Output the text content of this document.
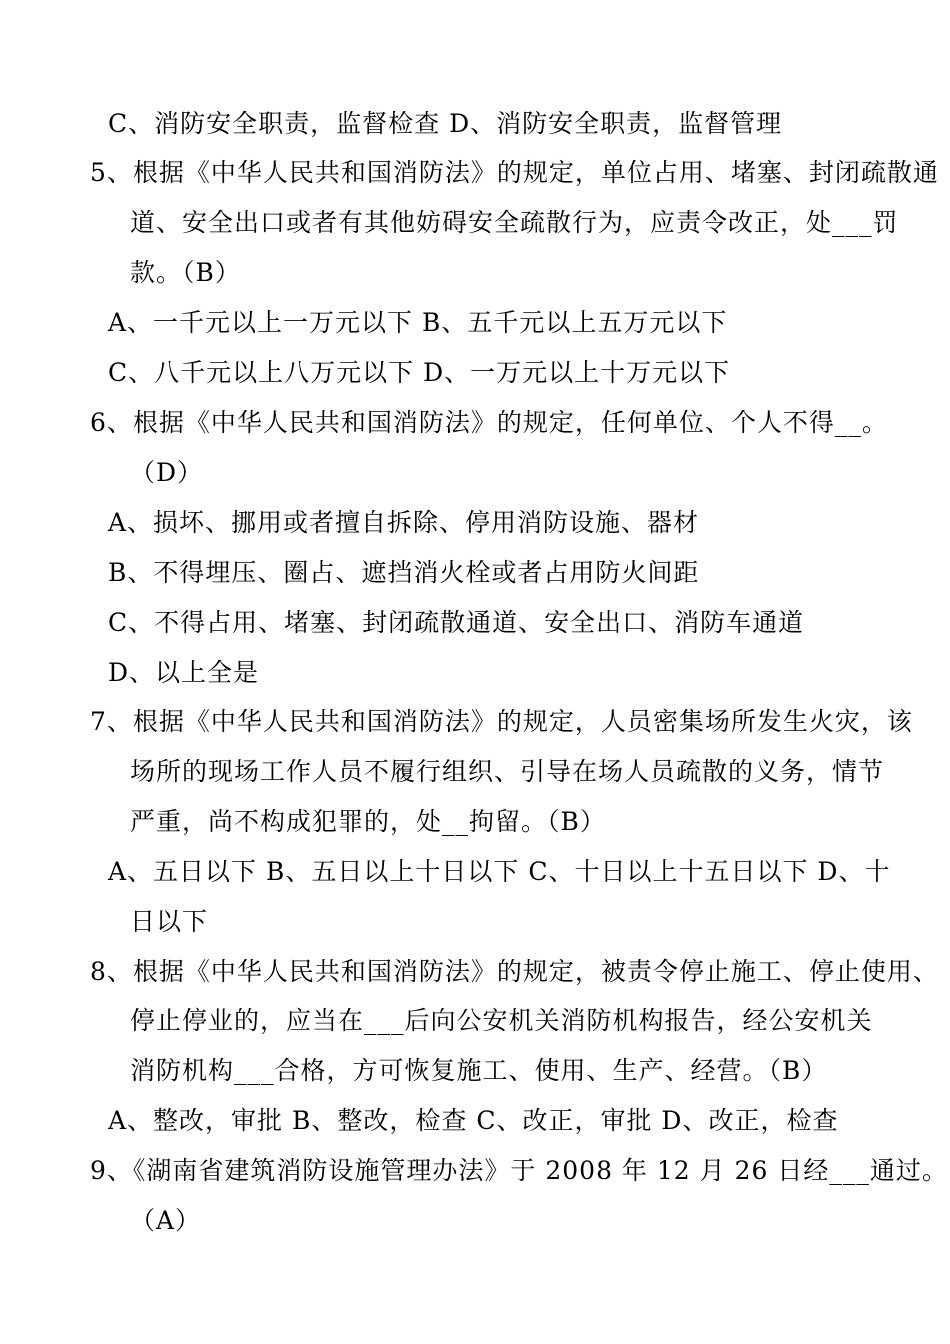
C、消防安全职责，监督检查 D、消防安全职责，监督管理
5、根据《中华人民共和国消防法》的规定，单位占用、堵塞、封闭疏散通
道、安全出口或者有其他妨碍安全疏散行为，应责令改正，处___罚
款。（B）
A、一千元以上一万元以下 B、五千元以上五万元以下
C、八千元以上八万元以下 D、一万元以上十万元以下
6、根据《中华人民共和国消防法》的规定，任何单位、个人不得__。
（D）
A、损坏、挪用或者擅自拆除、停用消防设施、器材
B、不得埋压、圈占、遮挡消火栓或者占用防火间距
C、不得占用、堵塞、封闭疏散通道、安全出口、消防车通道
D、以上全是
7、根据《中华人民共和国消防法》的规定，人员密集场所发生火灾，该
场所的现场工作人员不履行组织、引导在场人员疏散的义务，情节
严重，尚不构成犯罪的，处__拘留。（B）
A、五日以下 B、五日以上十日以下 C、十日以上十五日以下 D、十
日以下
8、根据《中华人民共和国消防法》的规定，被责令停止施工、停止使用、
停止停业的，应当在___后向公安机关消防机构报告，经公安机关
消防机构___合格，方可恢复施工、使用、生产、经营。（B）
A、整改，审批 B、整改，检查 C、改正，审批 D、改正，检查
9、《湖南省建筑消防设施管理办法》于 2008 年 12 月 26 日经___通过。
（A）
